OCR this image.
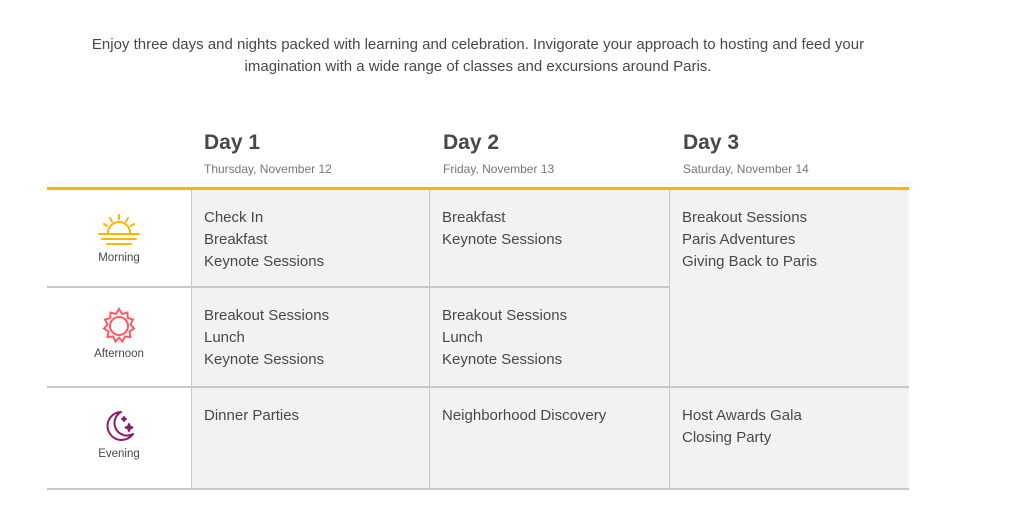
Enjoy three days and nights packed with learning and celebration. Invigorate your approach to hosting and feed your
imagination with a wide range of classes and excursions around Paris.
Day 1
Thursday, November 12
Day 2
Friday, November 13
Day 3
Saturday, November 14
Morning
Check In
Breakfast
Keynote Sessions
Breakfast
Keynote Sessions
Breakout Sessions
Paris Adventures
Giving Back to Paris
Afternoon
Breakout Sessions
Lunch
Keynote Sessions
Breakout Sessions
Lunch
Keynote Sessions
Evening
Dinner Parties	Neighborhood Discovery	Host Awards Gala
Closing Party
